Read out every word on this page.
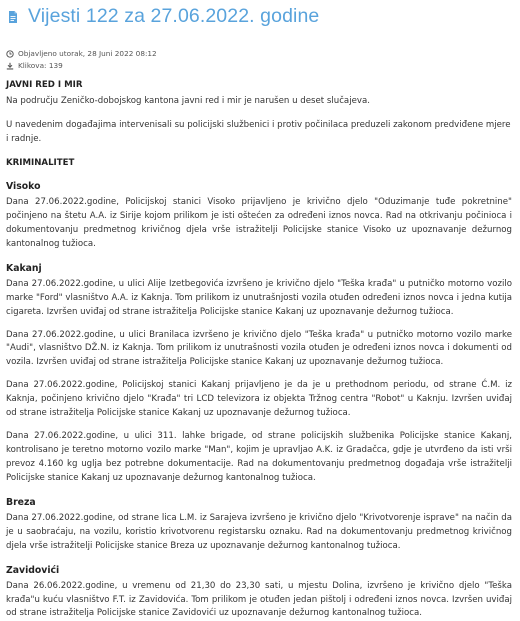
Vijesti 122 za 27.06.2022. godine
Objavljeno utorak, 28 Juni 2022 08:12
Klikova: 139
JAVNI RED I MIR

Na području Zeničko-dobojskog kantona javni red i mir je narušen u deset slučajeva.

U navedenim događajima intervenisali su policijski službenici i protiv počinilaca preduzeli zakonom predviđene mjere i radnje.

KRIMINALITET
Visoko

Dana 27.06.2022.godine, Policijskoj stanici Visoko prijavljeno je krivično djelo "Oduzimanje tuđe pokretnine" počinjeno na štetu A.A. iz Sirije kojom prilikom je isti oštećen za određeni iznos novca. Rad na otkrivanju počinioca i dokumentovanju predmetnog krivičnog djela vrše istražitelji Policijske stanice Visoko uz upoznavanje dežurnog kantonalnog tužioca.

Kakanj

Dana 27.06.2022.godine, u ulici Alije Izetbegovića izvršeno je krivično djelo "Teška krađa" u putničko motorno vozilo marke "Ford" vlasništvo A.A. iz Kaknja. Tom prilikom iz unutrašnjosti vozila otuđen određeni iznos novca i jedna kutija cigareta. Izvršen uviđaj od strane istražitelja Policijske stanice Kakanj uz upoznavanje dežurnog tužioca.

Dana 27.06.2022.godine, u ulici Branilaca izvršeno je krivično djelo "Teška krađa" u putničko motorno vozilo marke "Audi", vlasništvo DŽ.N. iz Kaknja. Tom prilikom iz unutrašnosti vozila otuđen je određeni iznos novca i dokumenti od vozila. Izvršen uviđaj od strane istražitelja Policijske stanice Kakanj uz upoznavanje dežurnog tužioca.

Dana 27.06.2022.godine, Policijskoj stanici Kakanj prijavljeno je da je u prethodnom periodu, od strane Ć.M. iz Kaknja, počinjeno krivično djelo "Krađa" tri LCD televizora iz objekta Tržnog centra "Robot" u Kaknju. Izvršen uviđaj od strane istražitelja Policijske stanice Kakanj uz upoznavanje dežurnog tužioca.

Dana 27.06.2022.godine, u ulici 311. lahke brigade, od strane policijskih službenika Policijske stanice Kakanj, kontrolisano je teretno motorno vozilo marke "Man", kojim je upravljao A.K. iz Gradačca, gdje je utvrđeno da isti vrši prevoz 4.160 kg uglja bez potrebne dokumentacije. Rad na dokumentovanju predmetnog događaja vrše istražitelji Policijske stanice Kakanj uz upoznavanje dežurnog kantonalnog tužioca.

Breza

Dana 27.06.2022.godine, od strane lica L.M. iz Sarajeva izvršeno je krivično djelo "Krivotvorenje isprave" na način da je u saobraćaju, na vozilu, koristio krivotvorenu registarsku oznaku. Rad na dokumentovanju predmetnog krivičnog djela vrše istražitelji Policijske stanice Breza uz upoznavanje dežurnog kantonalnog tužioca.

Zavidovići

Dana 26.06.2022.godine, u vremenu od 21,30 do 23,30 sati, u mjestu Dolina, izvršeno je krivično djelo "Teška krađa"u kuću vlasništvo F.T. iz Zavidovića. Tom prilikom je otuđen jedan pištolj i određeni iznos novca. Izvršen uviđaj od strane istražitelja Policijske stanice Zavidovići uz upoznavanje dežurnog kantonalnog tužioca.
